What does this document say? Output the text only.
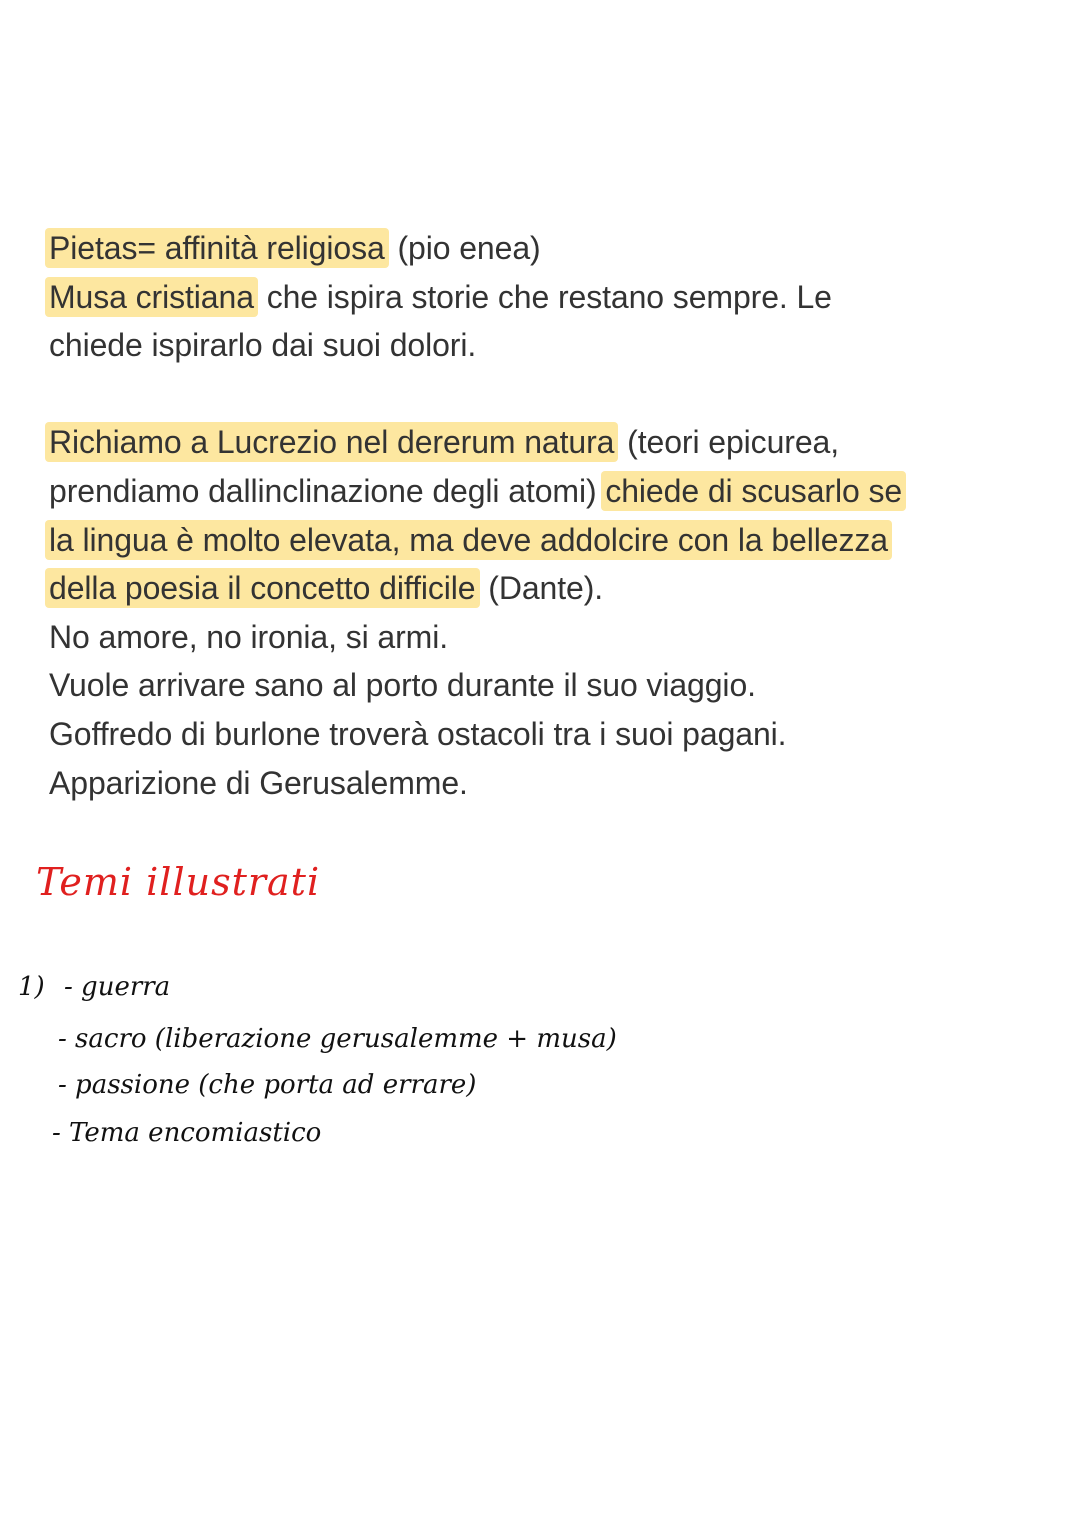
Pietas= affinità religiosa (pio enea)
Musa cristiana che ispira storie che restano sempre. Le
chiede ispirarlo dai suoi dolori.
Richiamo a Lucrezio nel dererum natura (teori epicurea,
prendiamo dallinclinazione degli atomi) chiede di scusarlo se
la lingua è molto elevata, ma deve addolcire con la bellezza
della poesia il concetto difficile (Dante).
No amore, no ironia, si armi.
Vuole arrivare sano al porto durante il suo viaggio.
Goffredo di burlone troverà ostacoli tra i suoi pagani.
Apparizione di Gerusalemme.
Temi illustrati
1) - guerra
- sacro (liberazione gerusalemme + musa)
- passione (che porta ad errare)
- Tema encomiastico
